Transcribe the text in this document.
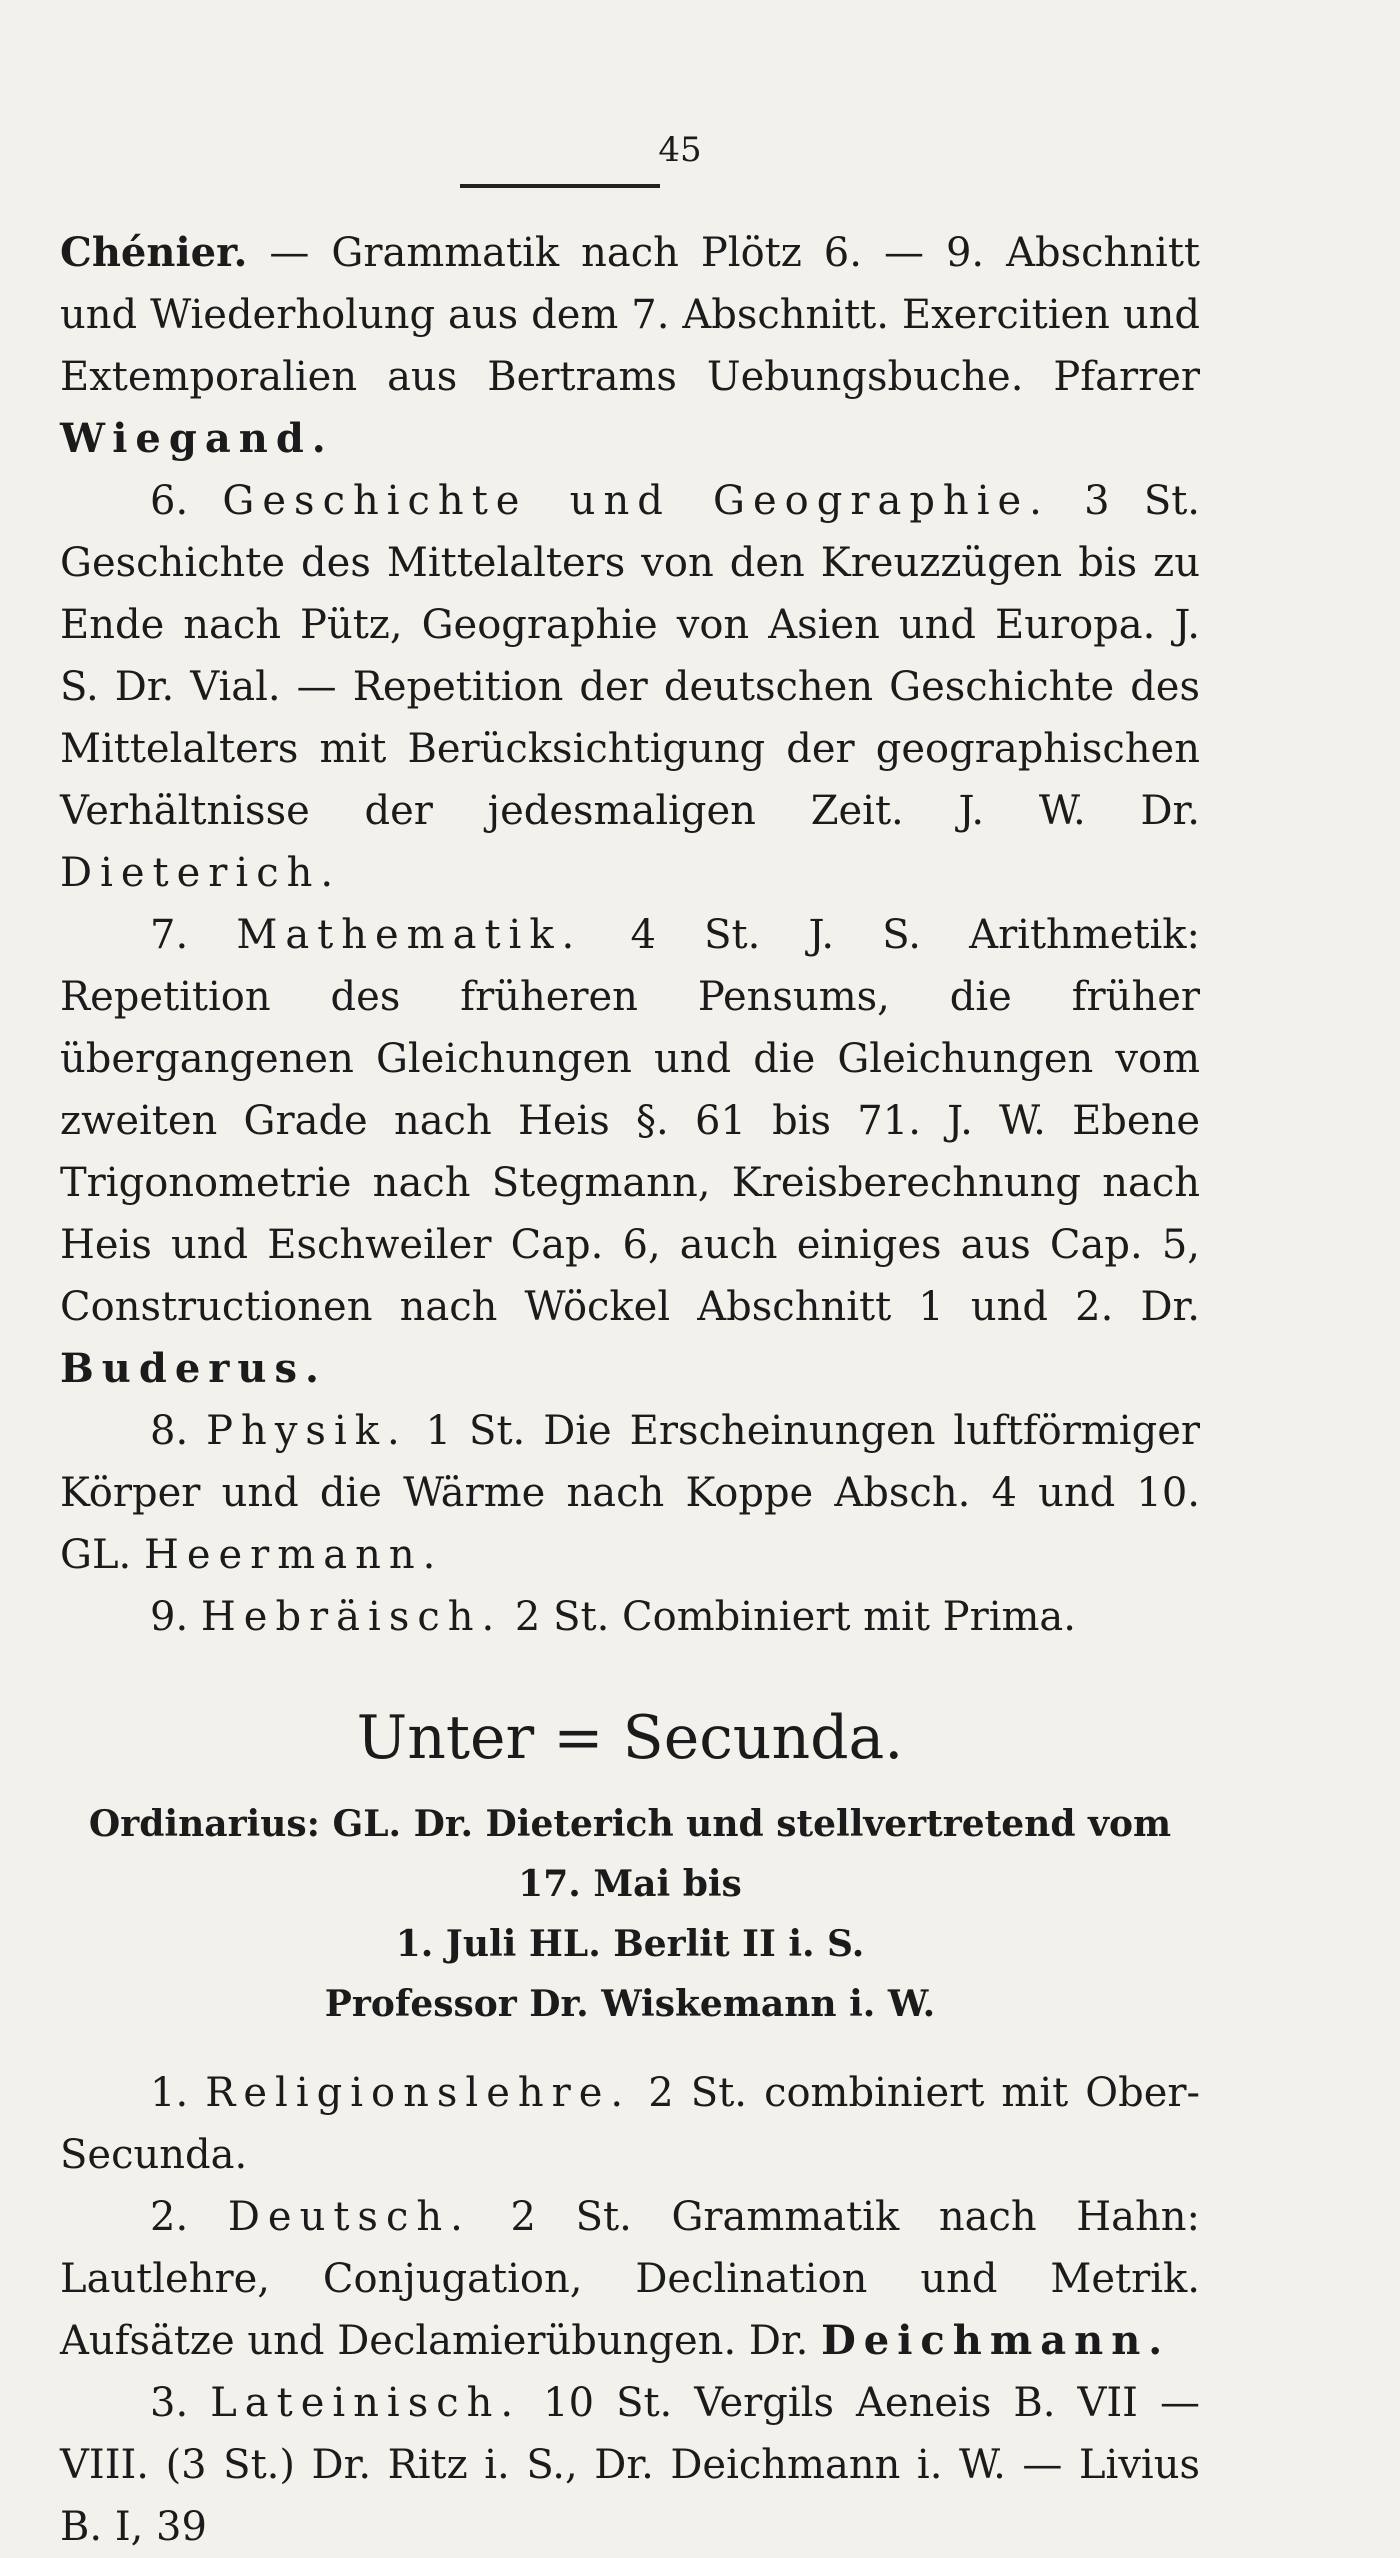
45

Chénier. — Grammatik nach Plötz 6. — 9. Abschnitt und Wiederholung aus dem 7. Abschnitt. Exercitien und Extemporalien aus Bertrams Uebungsbuche. Pfarrer Wiegand.

6. Geschichte und Geographie. 3 St. Geschichte des Mittelalters von den Kreuzzügen bis zu Ende nach Pütz, Geographie von Asien und Europa. J. S. Dr. Vial. — Repetition der deutschen Geschichte des Mittelalters mit Berücksichtigung der geographischen Verhältnisse der jedesmaligen Zeit. J. W. Dr. Dieterich.

7. Mathematik. 4 St. J. S. Arithmetik: Repetition des früheren Pensums, die früher übergangenen Gleichungen und die Gleichungen vom zweiten Grade nach Heis §. 61 bis 71. J. W. Ebene Trigonometrie nach Stegmann, Kreisberechnung nach Heis und Eschweiler Cap. 6, auch einiges aus Cap. 5, Constructionen nach Wöckel Abschnitt 1 und 2. Dr. Buderus.

8. Physik. 1 St. Die Erscheinungen luftförmiger Körper und die Wärme nach Koppe Absch. 4 und 10. GL. Heermann.

9. Hebräisch. 2 St. Combiniert mit Prima.

Unter = Secunda.
Ordinarius: GL. Dr. Dieterich und stellvertretend vom 17. Mai bis
1. Juli HL. Berlit II i. S.
Professor Dr. Wiskemann i. W.

1. Religionslehre. 2 St. combiniert mit Ober-Secunda.

2. Deutsch. 2 St. Grammatik nach Hahn: Lautlehre, Conjugation, Declination und Metrik. Aufsätze und Declamierübungen. Dr. Deichmann.

3. Lateinisch. 10 St. Vergils Aeneis B. VII — VIII. (3 St.) Dr. Ritz i. S., Dr. Deichmann i. W. — Livius B. I, 39
